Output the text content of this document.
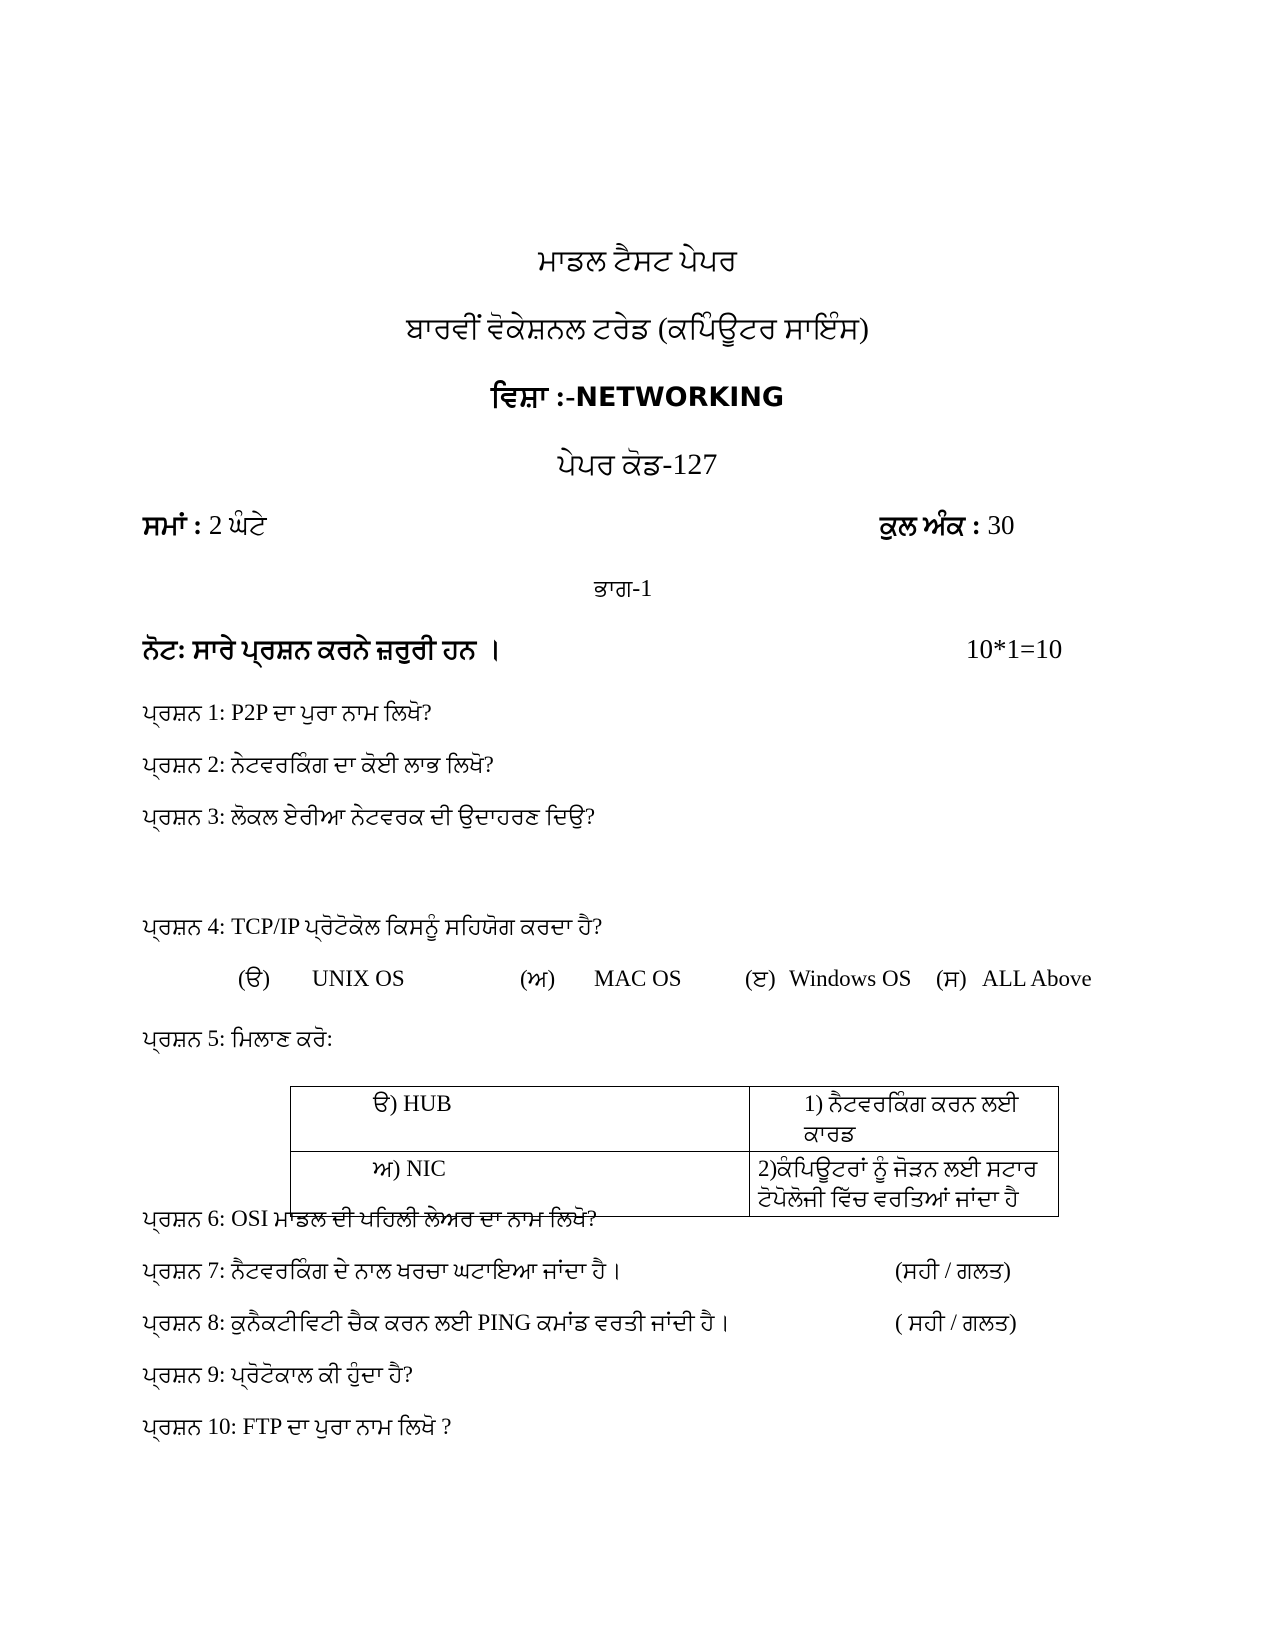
ਮਾਡਲ ਟੈਸਟ ਪੇਪਰ
ਬਾਰਵੀਂ ਵੋਕੇਸ਼ਨਲ ਟਰੇਡ (ਕਪਿੰਊਟਰ ਸਾਇੰਸ)
ਵਿਸ਼ਾ :-NETWORKING
ਪੇਪਰ ਕੋਡ-127
ਸਮਾਂ : 2 ਘੰਟੇ	ਕੁਲ ਅੰਕ : 30
ਭਾਗ-1
ਨੋਟ: ਸਾਰੇ ਪ੍ਰਸ਼ਨ ਕਰਨੇ ਜ਼ਰੁਰੀ ਹਨ ।	10*1=10
ਪ੍ਰਸ਼ਨ 1: P2P ਦਾ ਪੁਰਾ ਨਾਮ ਲਿਖੋ?
ਪ੍ਰਸ਼ਨ 2: ਨੇਟਵਰਕਿੰਗ ਦਾ ਕੋਈ ਲਾਭ ਲਿਖੋ?
ਪ੍ਰਸ਼ਨ 3: ਲੋਕਲ ਏਰੀਆ ਨੇਟਵਰਕ ਦੀ ਉਦਾਹਰਣ ਦਿਉ?
ਪ੍ਰਸ਼ਨ 4: TCP/IP ਪ੍ਰੋਟੋਕੋਲ ਕਿਸਨੂੰ ਸਹਿਯੋਗ ਕਰਦਾ ਹੈ?
(ੳ) UNIX OS	(ਅ) MAC OS	(ੲ) Windows OS (ਸ) ALL Above
ਪ੍ਰਸ਼ਨ 5: ਮਿਲਾਣ ਕਰੋ:
ੳ) HUB	1) ਨੈਟਵਰਕਿੰਗ ਕਰਨ ਲਈ ਕਾਰਡ

ਅ) NIC	2)ਕੰਪਿਊਟਰਾਂ ਨੂੰ ਜੋੜਨ ਲਈ ਸਟਾਰ
ਟੋਪੋਲੋਜੀ ਵਿੱਚ ਵਰਤਿਆਂ ਜਾਂਦਾ ਹੈ
ਪ੍ਰਸ਼ਨ 6: OSI ਮਾਡਲ ਦੀ ਪਹਿਲੀ ਲੇਅਰ ਦਾ ਨਾਮ ਲਿਖੋ?
ਪ੍ਰਸ਼ਨ 7: ਨੈਟਵਰਕਿੰਗ ਦੇ ਨਾਲ ਖਰਚਾ ਘਟਾਇਆ ਜਾਂਦਾ ਹੈ।	(ਸਹੀ / ਗਲਤ)
ਪ੍ਰਸ਼ਨ 8: ਕੁਨੈਕਟੀਵਿਟੀ ਚੈਕ ਕਰਨ ਲਈ PING ਕਮਾਂਡ ਵਰਤੀ ਜਾਂਦੀ ਹੈ।	( ਸਹੀ / ਗਲਤ)
ਪ੍ਰਸ਼ਨ 9: ਪ੍ਰੋਟੋਕਾਲ ਕੀ ਹੁੰਦਾ ਹੈ?
ਪ੍ਰਸ਼ਨ 10: FTP ਦਾ ਪੁਰਾ ਨਾਮ ਲਿਖੋ ?
